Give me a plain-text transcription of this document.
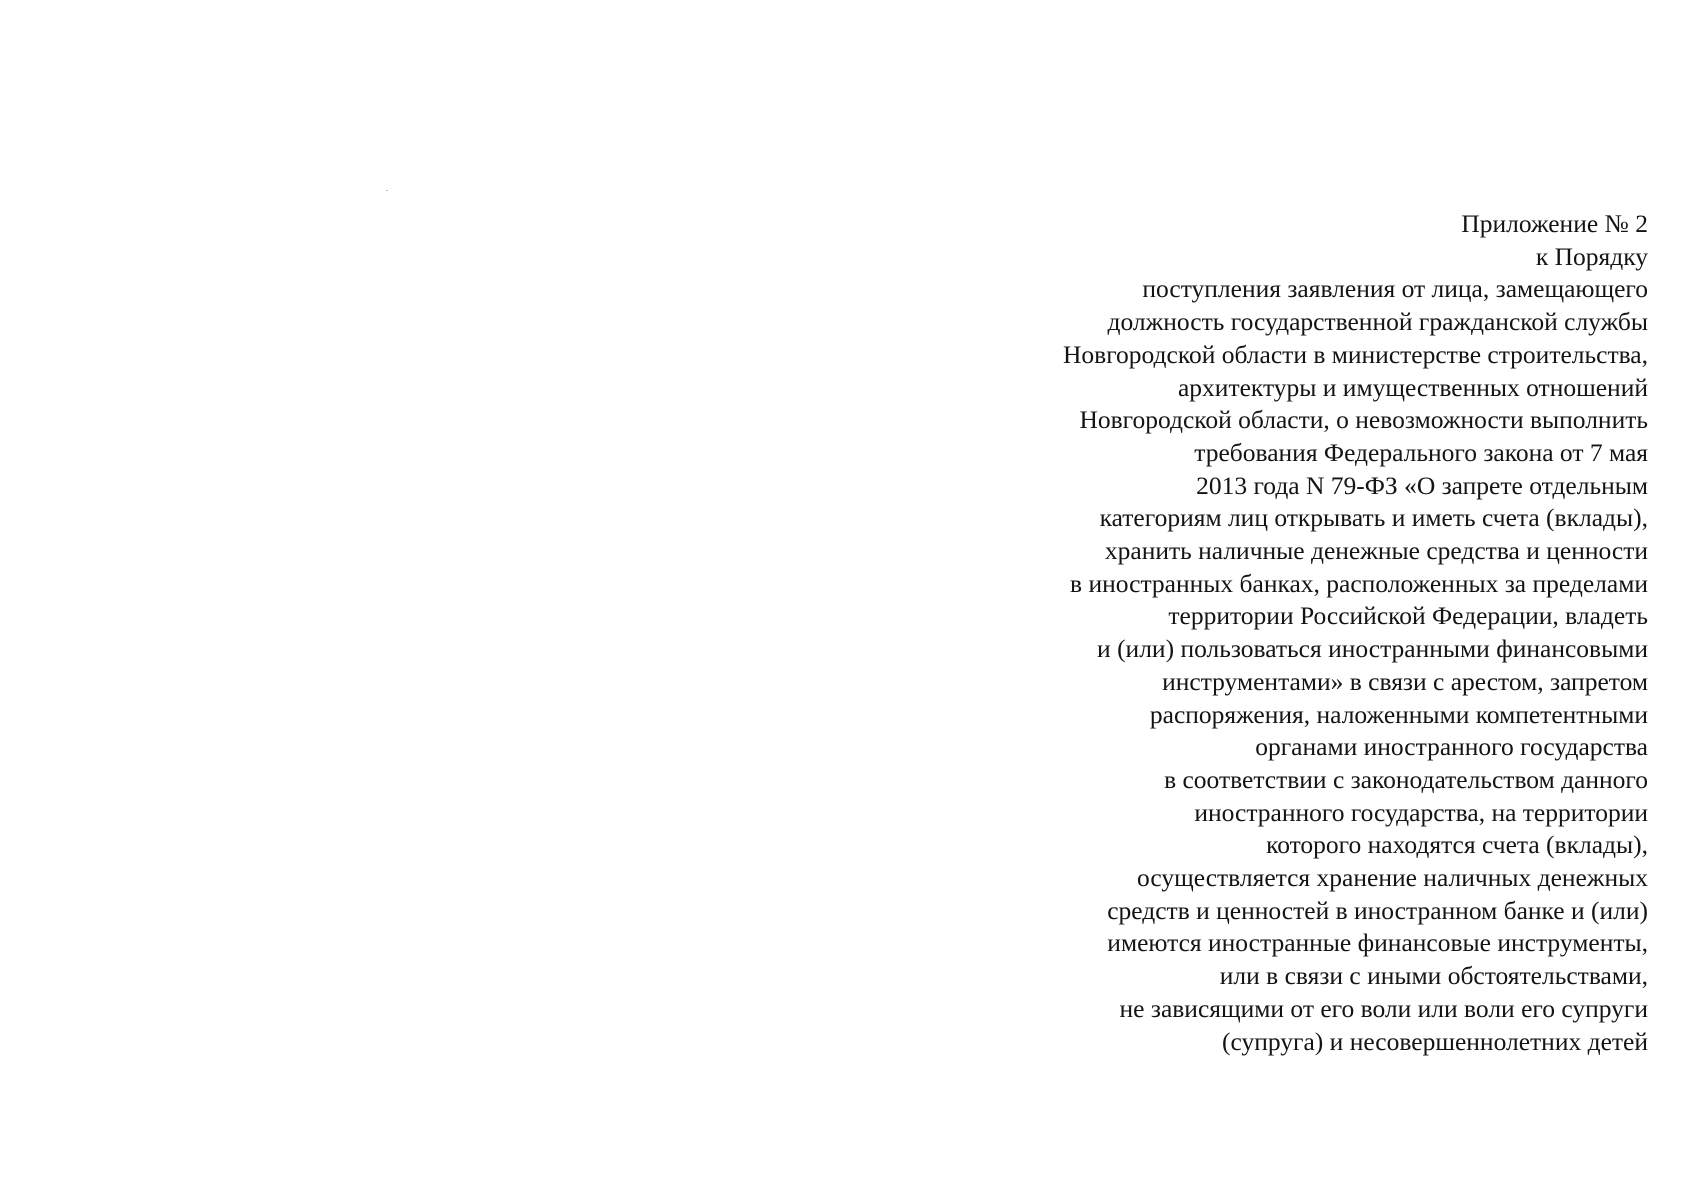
Приложение № 2
к Порядку
поступления заявления от лица, замещающего
должность государственной гражданской службы
Новгородской области в министерстве строительства,
архитектуры и имущественных отношений
Новгородской области, о невозможности выполнить
требования Федерального закона от 7 мая
2013 года N 79-ФЗ «О запрете отдельным
категориям лиц открывать и иметь счета (вклады),
хранить наличные денежные средства и ценности
в иностранных банках, расположенных за пределами
территории Российской Федерации, владеть
и (или) пользоваться иностранными финансовыми
инструментами» в связи с арестом, запретом
распоряжения, наложенными компетентными
органами иностранного государства
в соответствии с законодательством данного
иностранного государства, на территории
которого находятся счета (вклады),
осуществляется хранение наличных денежных
средств и ценностей в иностранном банке и (или)
имеются иностранные финансовые инструменты,
или в связи с иными обстоятельствами,
не зависящими от его воли или воли его супруги
(супруга) и несовершеннолетних детей
